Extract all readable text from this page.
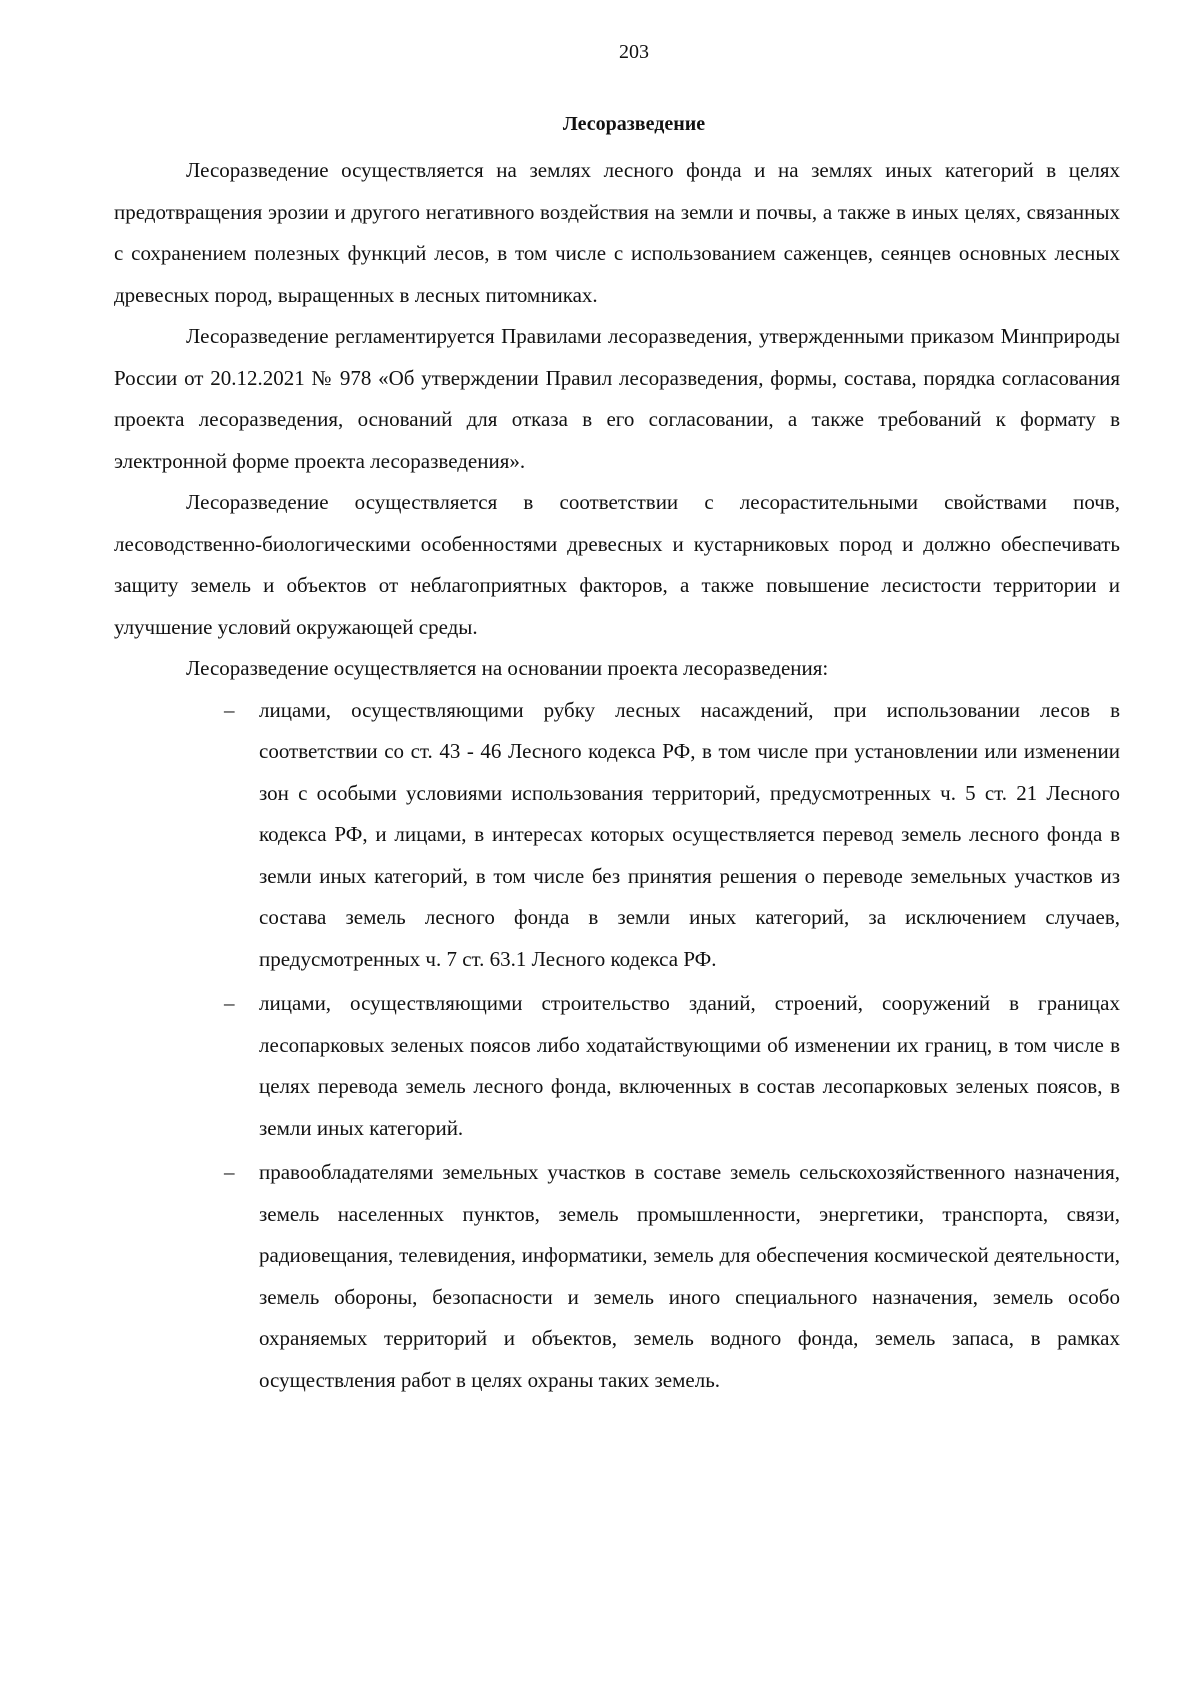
203
Лесоразведение

Лесоразведение осуществляется на землях лесного фонда и на землях иных категорий в целях предотвращения эрозии и другого негативного воздействия на земли и почвы, а также в иных целях, связанных с сохранением полезных функций лесов, в том числе с использованием саженцев, сеянцев основных лесных древесных пород, выращенных в лесных питомниках.

Лесоразведение регламентируется Правилами лесоразведения, утвержденными приказом Минприроды России от 20.12.2021 № 978 «Об утверждении Правил лесоразведения, формы, состава, порядка согласования проекта лесоразведения, оснований для отказа в его согласовании, а также требований к формату в электронной форме проекта лесоразведения».

Лесоразведение осуществляется в соответствии с лесорастительными свойствами почв, лесоводственно-биологическими особенностями древесных и кустарниковых пород и должно обеспечивать защиту земель и объектов от неблагоприятных факторов, а также повышение лесистости территории и улучшение условий окружающей среды.

Лесоразведение осуществляется на основании проекта лесоразведения:

– лицами, осуществляющими рубку лесных насаждений, при использовании лесов в соответствии со ст. 43 - 46 Лесного кодекса РФ, в том числе при установлении или изменении зон с особыми условиями использования территорий, предусмотренных ч. 5 ст. 21 Лесного кодекса РФ, и лицами, в интересах которых осуществляется перевод земель лесного фонда в земли иных категорий, в том числе без принятия решения о переводе земельных участков из состава земель лесного фонда в земли иных категорий, за исключением случаев, предусмотренных ч. 7 ст. 63.1 Лесного кодекса РФ.
– лицами, осуществляющими строительство зданий, строений, сооружений в границах лесопарковых зеленых поясов либо ходатайствующими об изменении их границ, в том числе в целях перевода земель лесного фонда, включенных в состав лесопарковых зеленых поясов, в земли иных категорий.
– правообладателями земельных участков в составе земель сельскохозяйственного назначения, земель населенных пунктов, земель промышленности, энергетики, транспорта, связи, радиовещания, телевидения, информатики, земель для обеспечения космической деятельности, земель обороны, безопасности и земель иного специального назначения, земель особо охраняемых территорий и объектов, земель водного фонда, земель запаса, в рамках осуществления работ в целях охраны таких земель.
